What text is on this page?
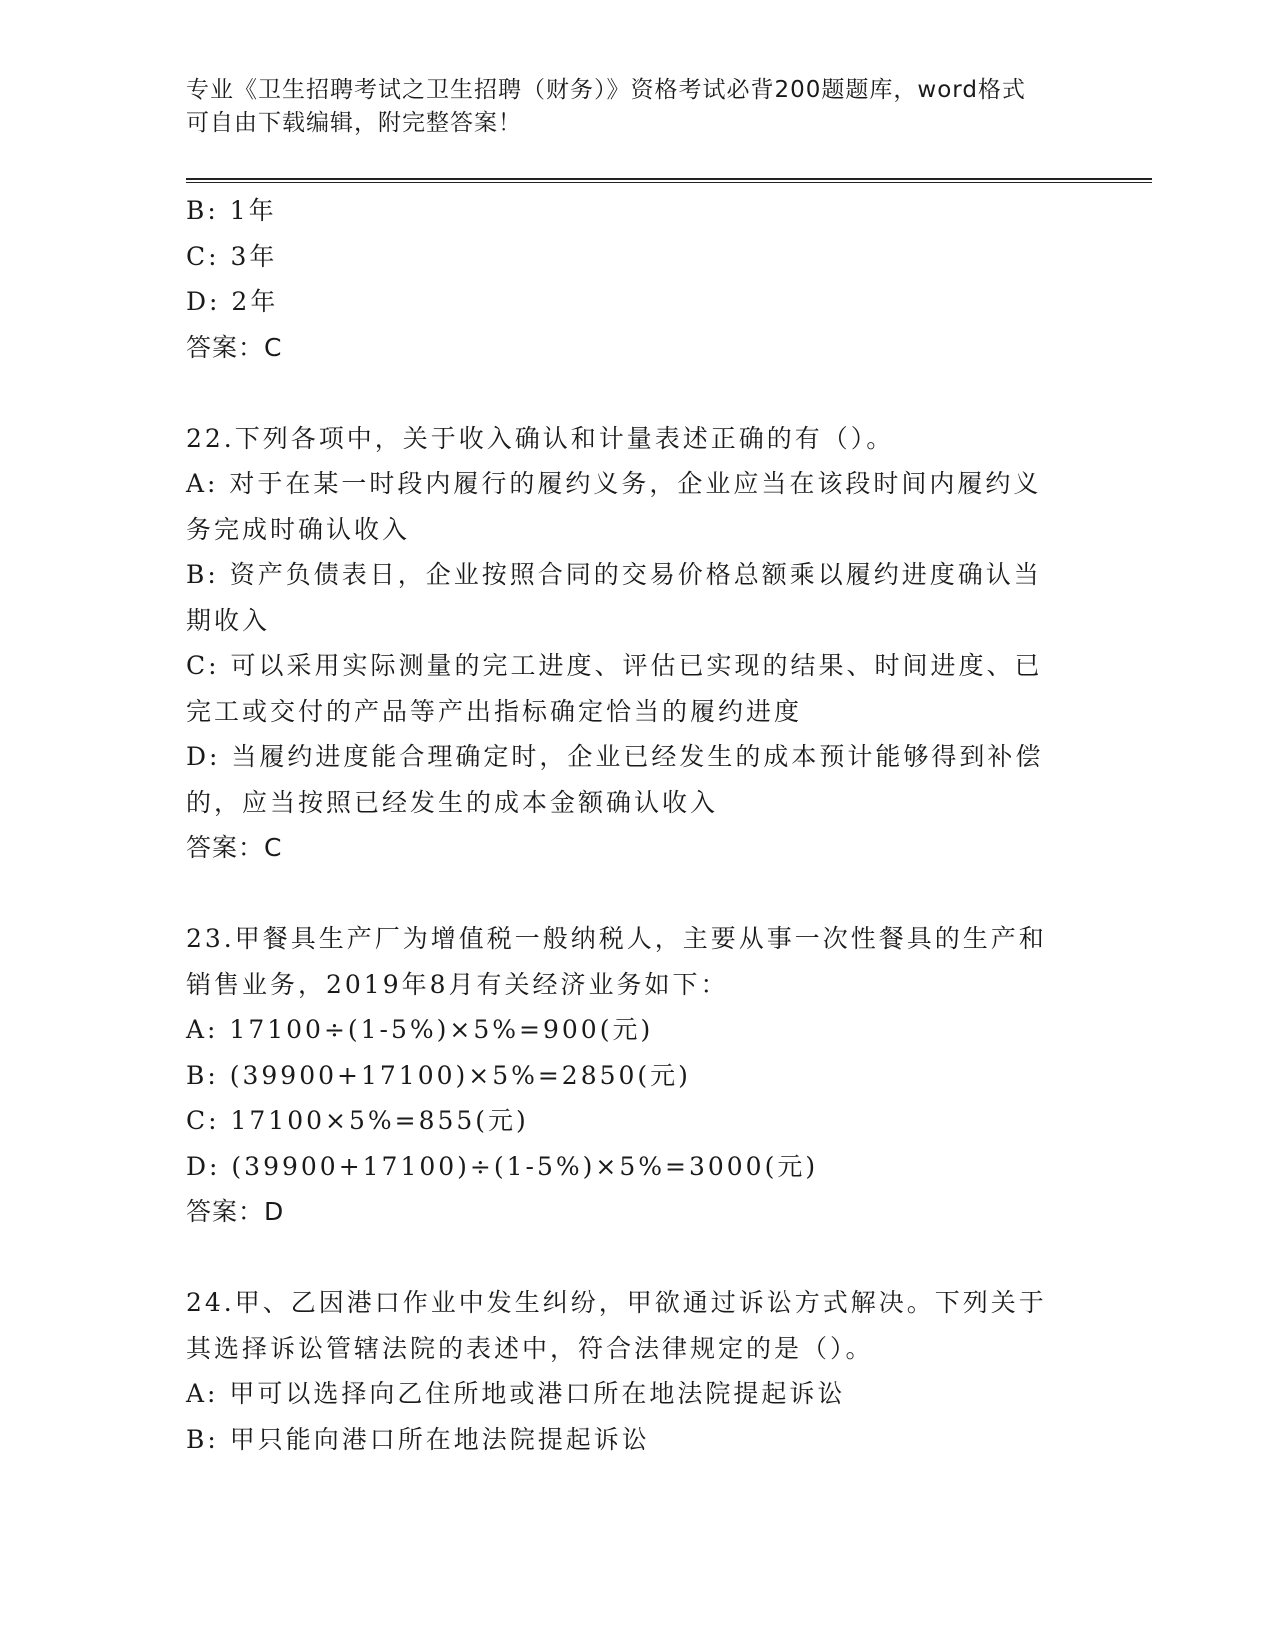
专业《卫生招聘考试之卫生招聘（财务）》资格考试必背200题题库，word格式
可自由下载编辑，附完整答案！
B: 1年
C: 3年
D: 2年
答案：C
22.下列各项中，关于收入确认和计量表述正确的有（）。
A: 对于在某一时段内履行的履约义务，企业应当在该段时间内履约义
务完成时确认收入
B: 资产负债表日，企业按照合同的交易价格总额乘以履约进度确认当
期收入
C: 可以采用实际测量的完工进度、评估已实现的结果、时间进度、已
完工或交付的产品等产出指标确定恰当的履约进度
D: 当履约进度能合理确定时，企业已经发生的成本预计能够得到补偿
的，应当按照已经发生的成本金额确认收入
答案：C
23.甲餐具生产厂为增值税一般纳税人，主要从事一次性餐具的生产和
销售业务，2019年8月有关经济业务如下：
A: 17100÷(1-5%)×5%=900(元)
B: (39900+17100)×5%=2850(元)
C: 17100×5%=855(元)
D: (39900+17100)÷(1-5%)×5%=3000(元)
答案：D
24.甲、乙因港口作业中发生纠纷，甲欲通过诉讼方式解决。下列关于
其选择诉讼管辖法院的表述中，符合法律规定的是（）。
A: 甲可以选择向乙住所地或港口所在地法院提起诉讼
B: 甲只能向港口所在地法院提起诉讼
